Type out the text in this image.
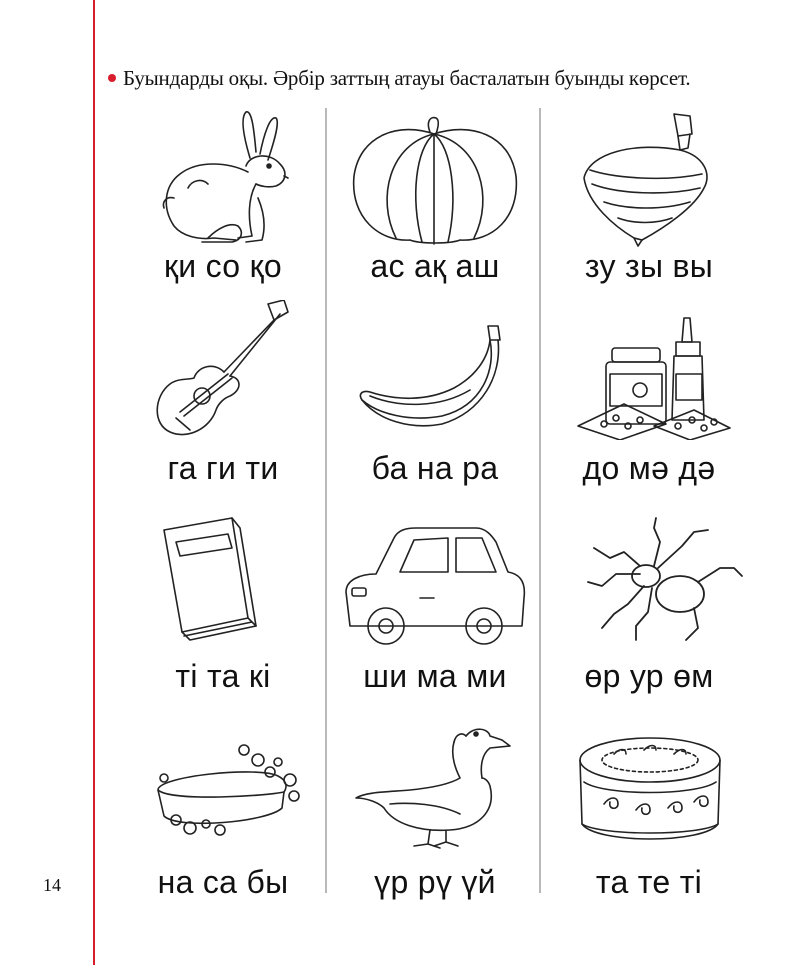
Буындарды оқы. Әрбір заттың атауы басталатын буынды көрсет.
қи со қо	ас ақ аш	зу зы вы
га ги ти	ба на ра	до мә дә
ті та кі	ши ма ми	өр ур өм
на са бы	үр рү үй	та те ті
14
